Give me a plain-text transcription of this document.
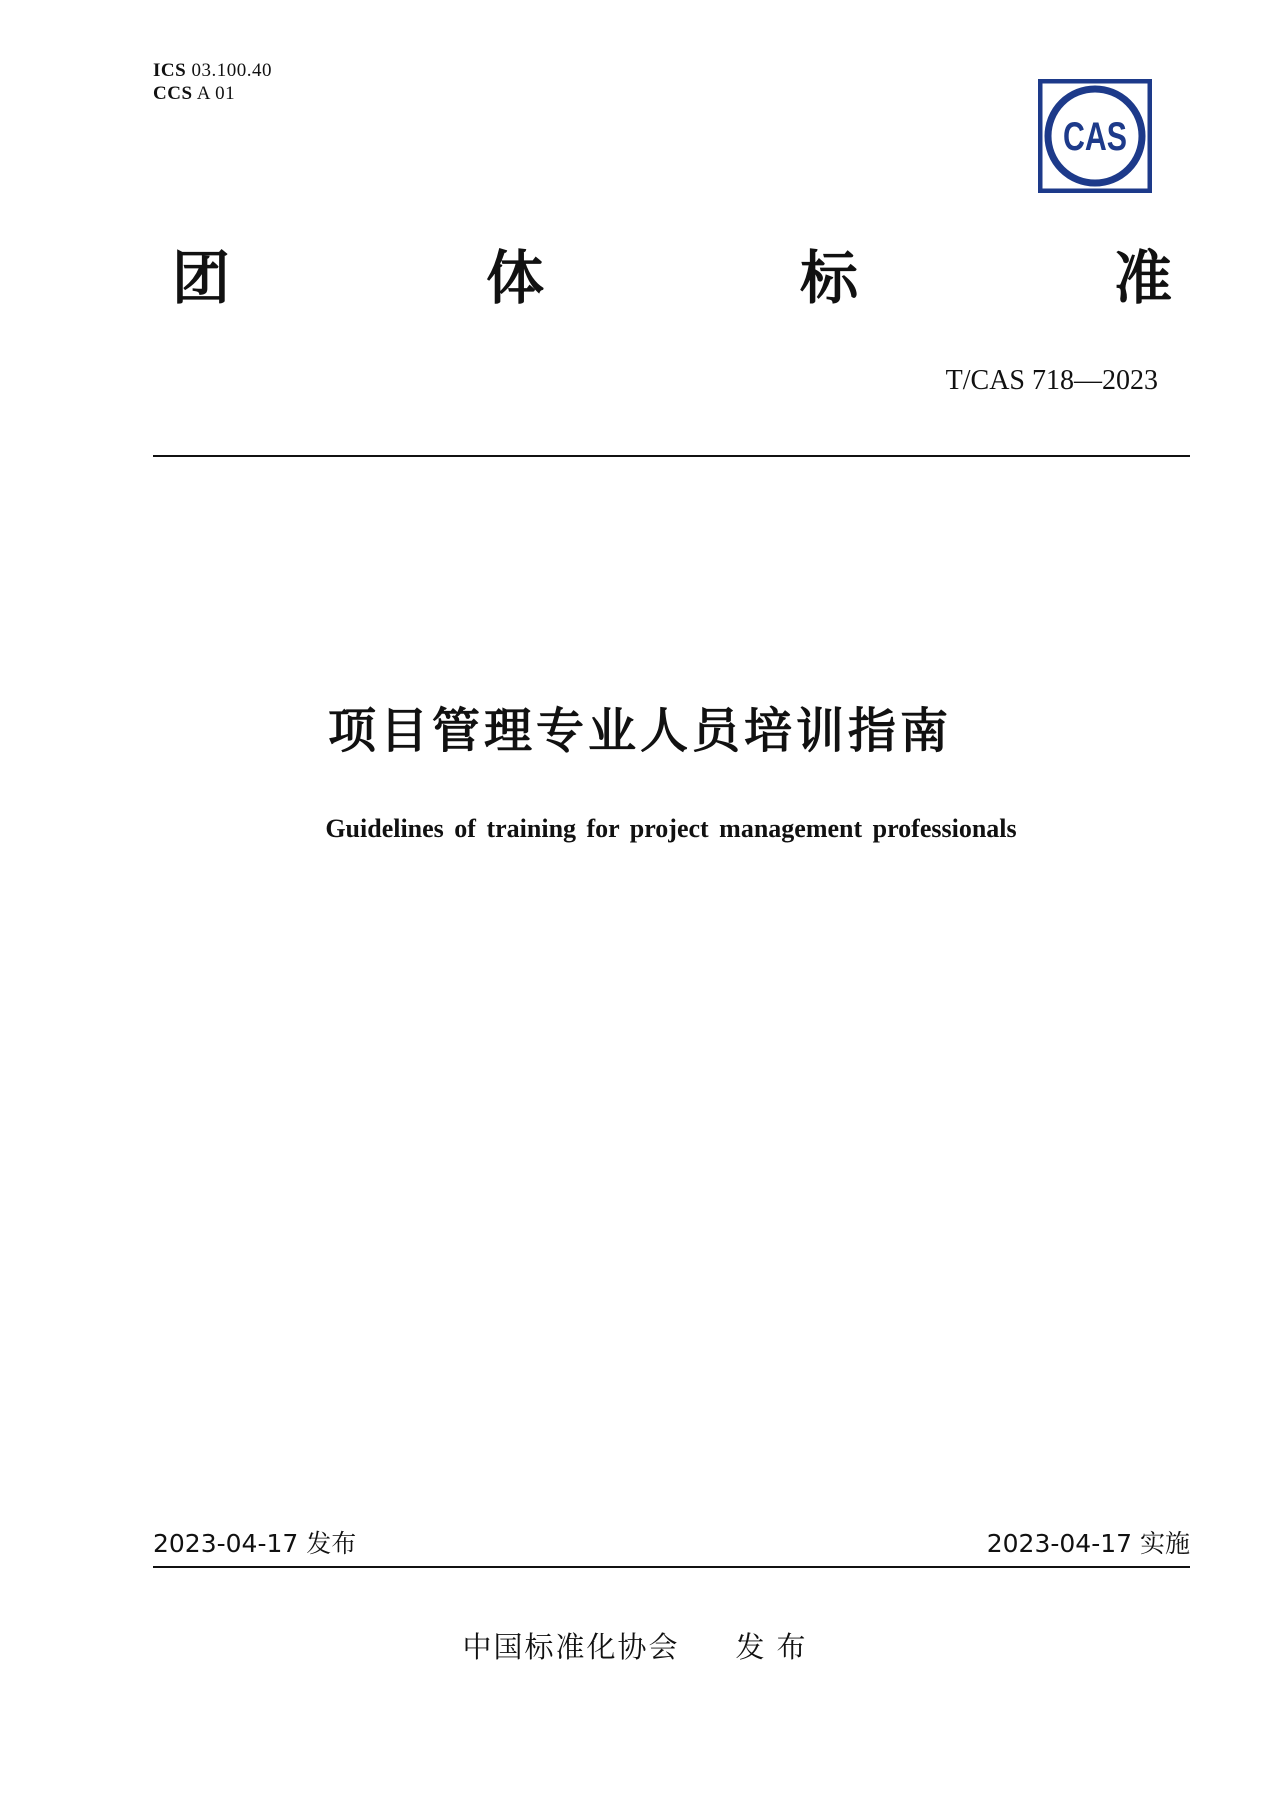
ICS 03.100.40
CCS A 01
CAS
团	体	标	准
T/CAS 718—2023
项目管理专业人员培训指南
Guidelines of training for project management professionals
2023-04-17 发布	2023-04-17 实施
中国标准化协会 发布
